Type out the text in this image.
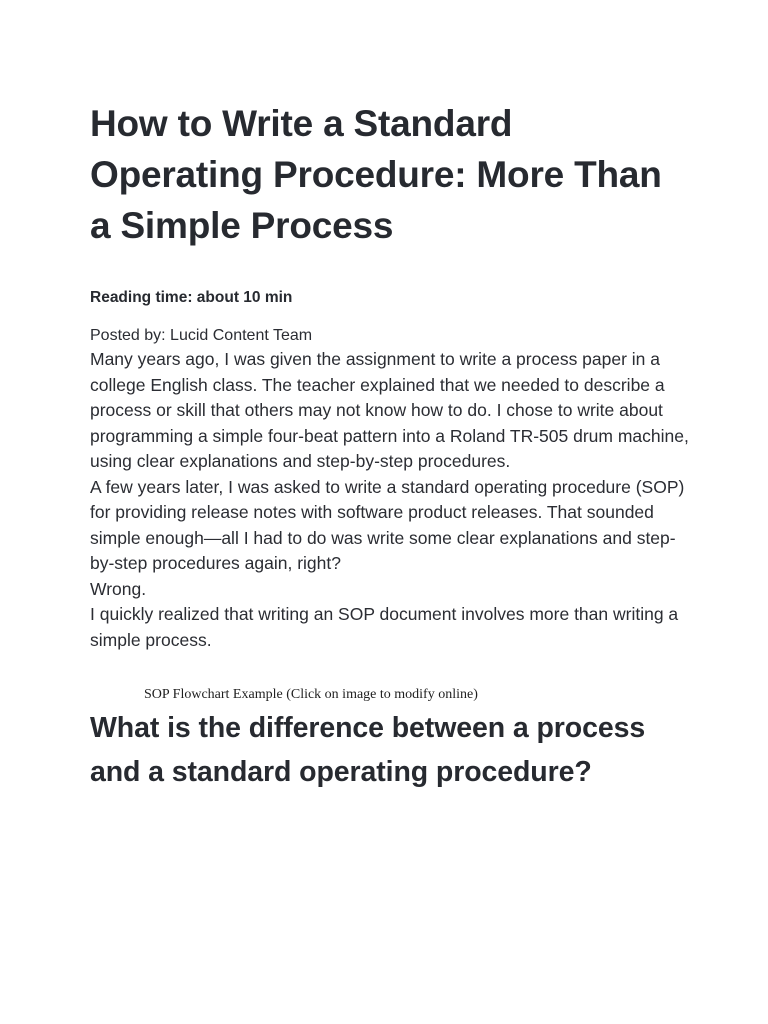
How to Write a Standard Operating Procedure: More Than a Simple Process
Reading time: about 10 min
Posted by: Lucid Content Team

Many years ago, I was given the assignment to write a process paper in a college English class. The teacher explained that we needed to describe a process or skill that others may not know how to do. I chose to write about programming a simple four-beat pattern into a Roland TR-505 drum machine, using clear explanations and step-by-step procedures.

A few years later, I was asked to write a standard operating procedure (SOP) for providing release notes with software product releases. That sounded simple enough—all I had to do was write some clear explanations and step-by-step procedures again, right?

Wrong.

I quickly realized that writing an SOP document involves more than writing a simple process.

SOP Flowchart Example (Click on image to modify online)
What is the difference between a process and a standard operating procedure?
